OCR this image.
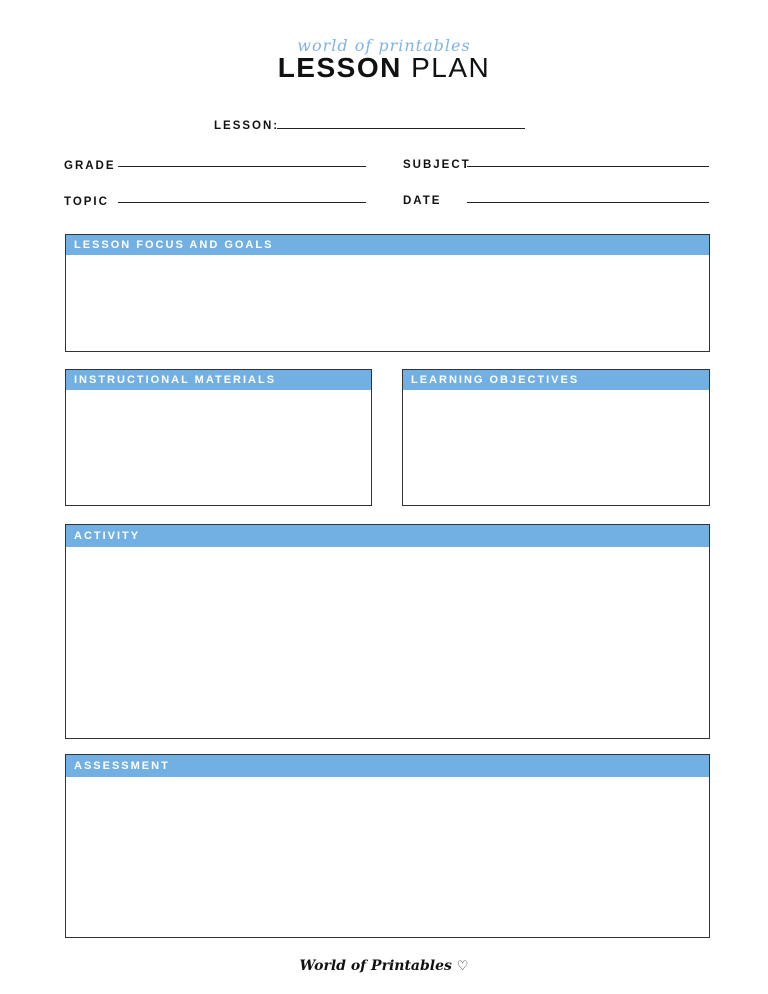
world of printables
LESSON PLAN
LESSON:
GRADE	SUBJECT
TOPIC	DATE
LESSON FOCUS AND GOALS
INSTRUCTIONAL MATERIALS	LEARNING OBJECTIVES
ACTIVITY
ASSESSMENT
World of Printables ♡
